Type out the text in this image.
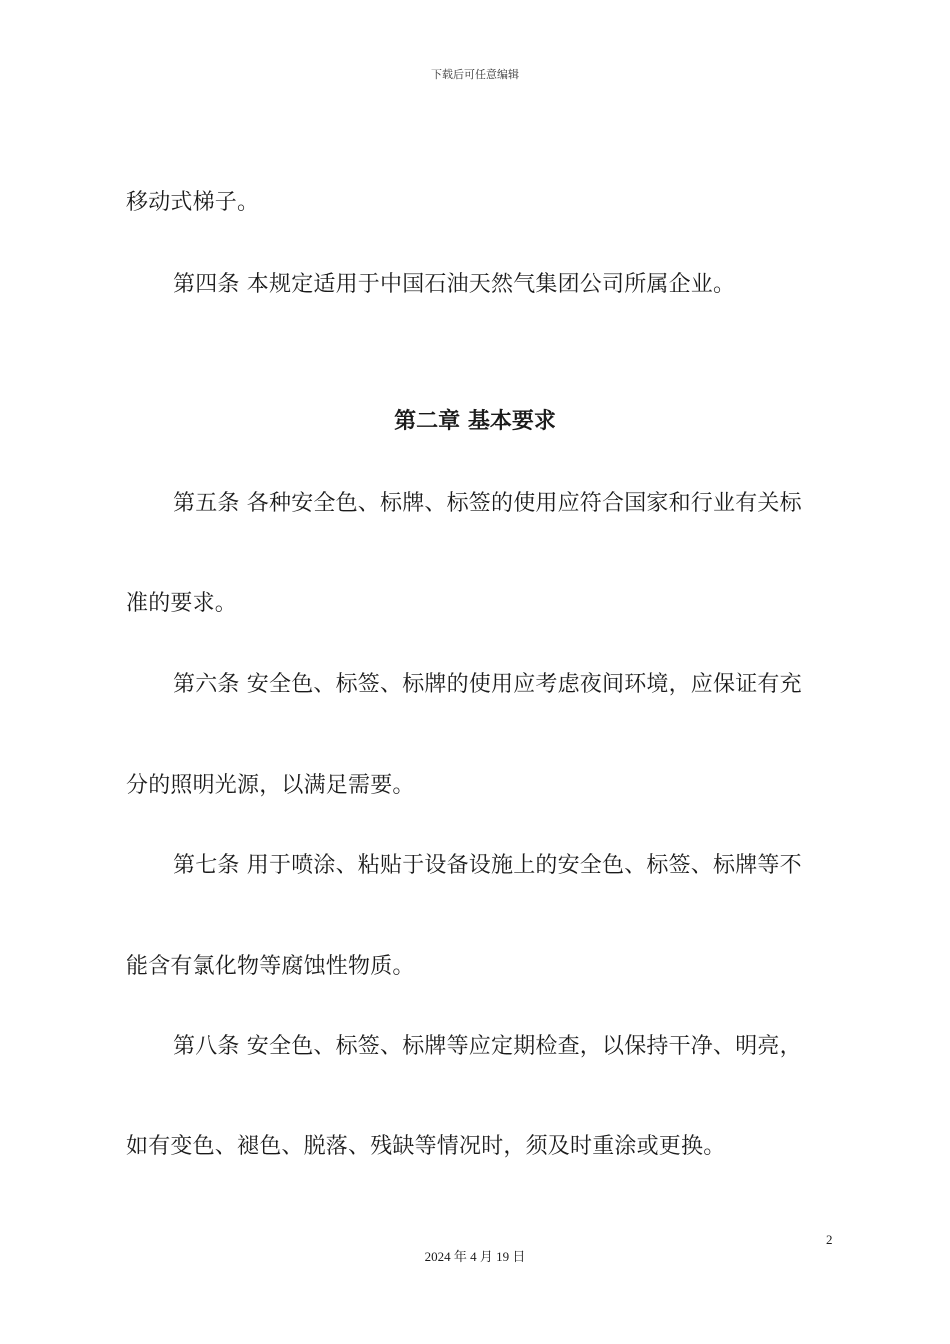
下载后可任意编辑
移动式梯子。
第四条 本规定适用于中国石油天然气集团公司所属企业。
第二章 基本要求
第五条 各种安全色、标牌、标签的使用应符合国家和行业有关标
准的要求。
第六条 安全色、标签、标牌的使用应考虑夜间环境，应保证有充
分的照明光源，以满足需要。
第七条 用于喷涂、粘贴于设备设施上的安全色、标签、标牌等不
能含有氯化物等腐蚀性物质。
第八条 安全色、标签、标牌等应定期检查，以保持干净、明亮，
如有变色、褪色、脱落、残缺等情况时，须及时重涂或更换。
2
2024 年 4 月 19 日
